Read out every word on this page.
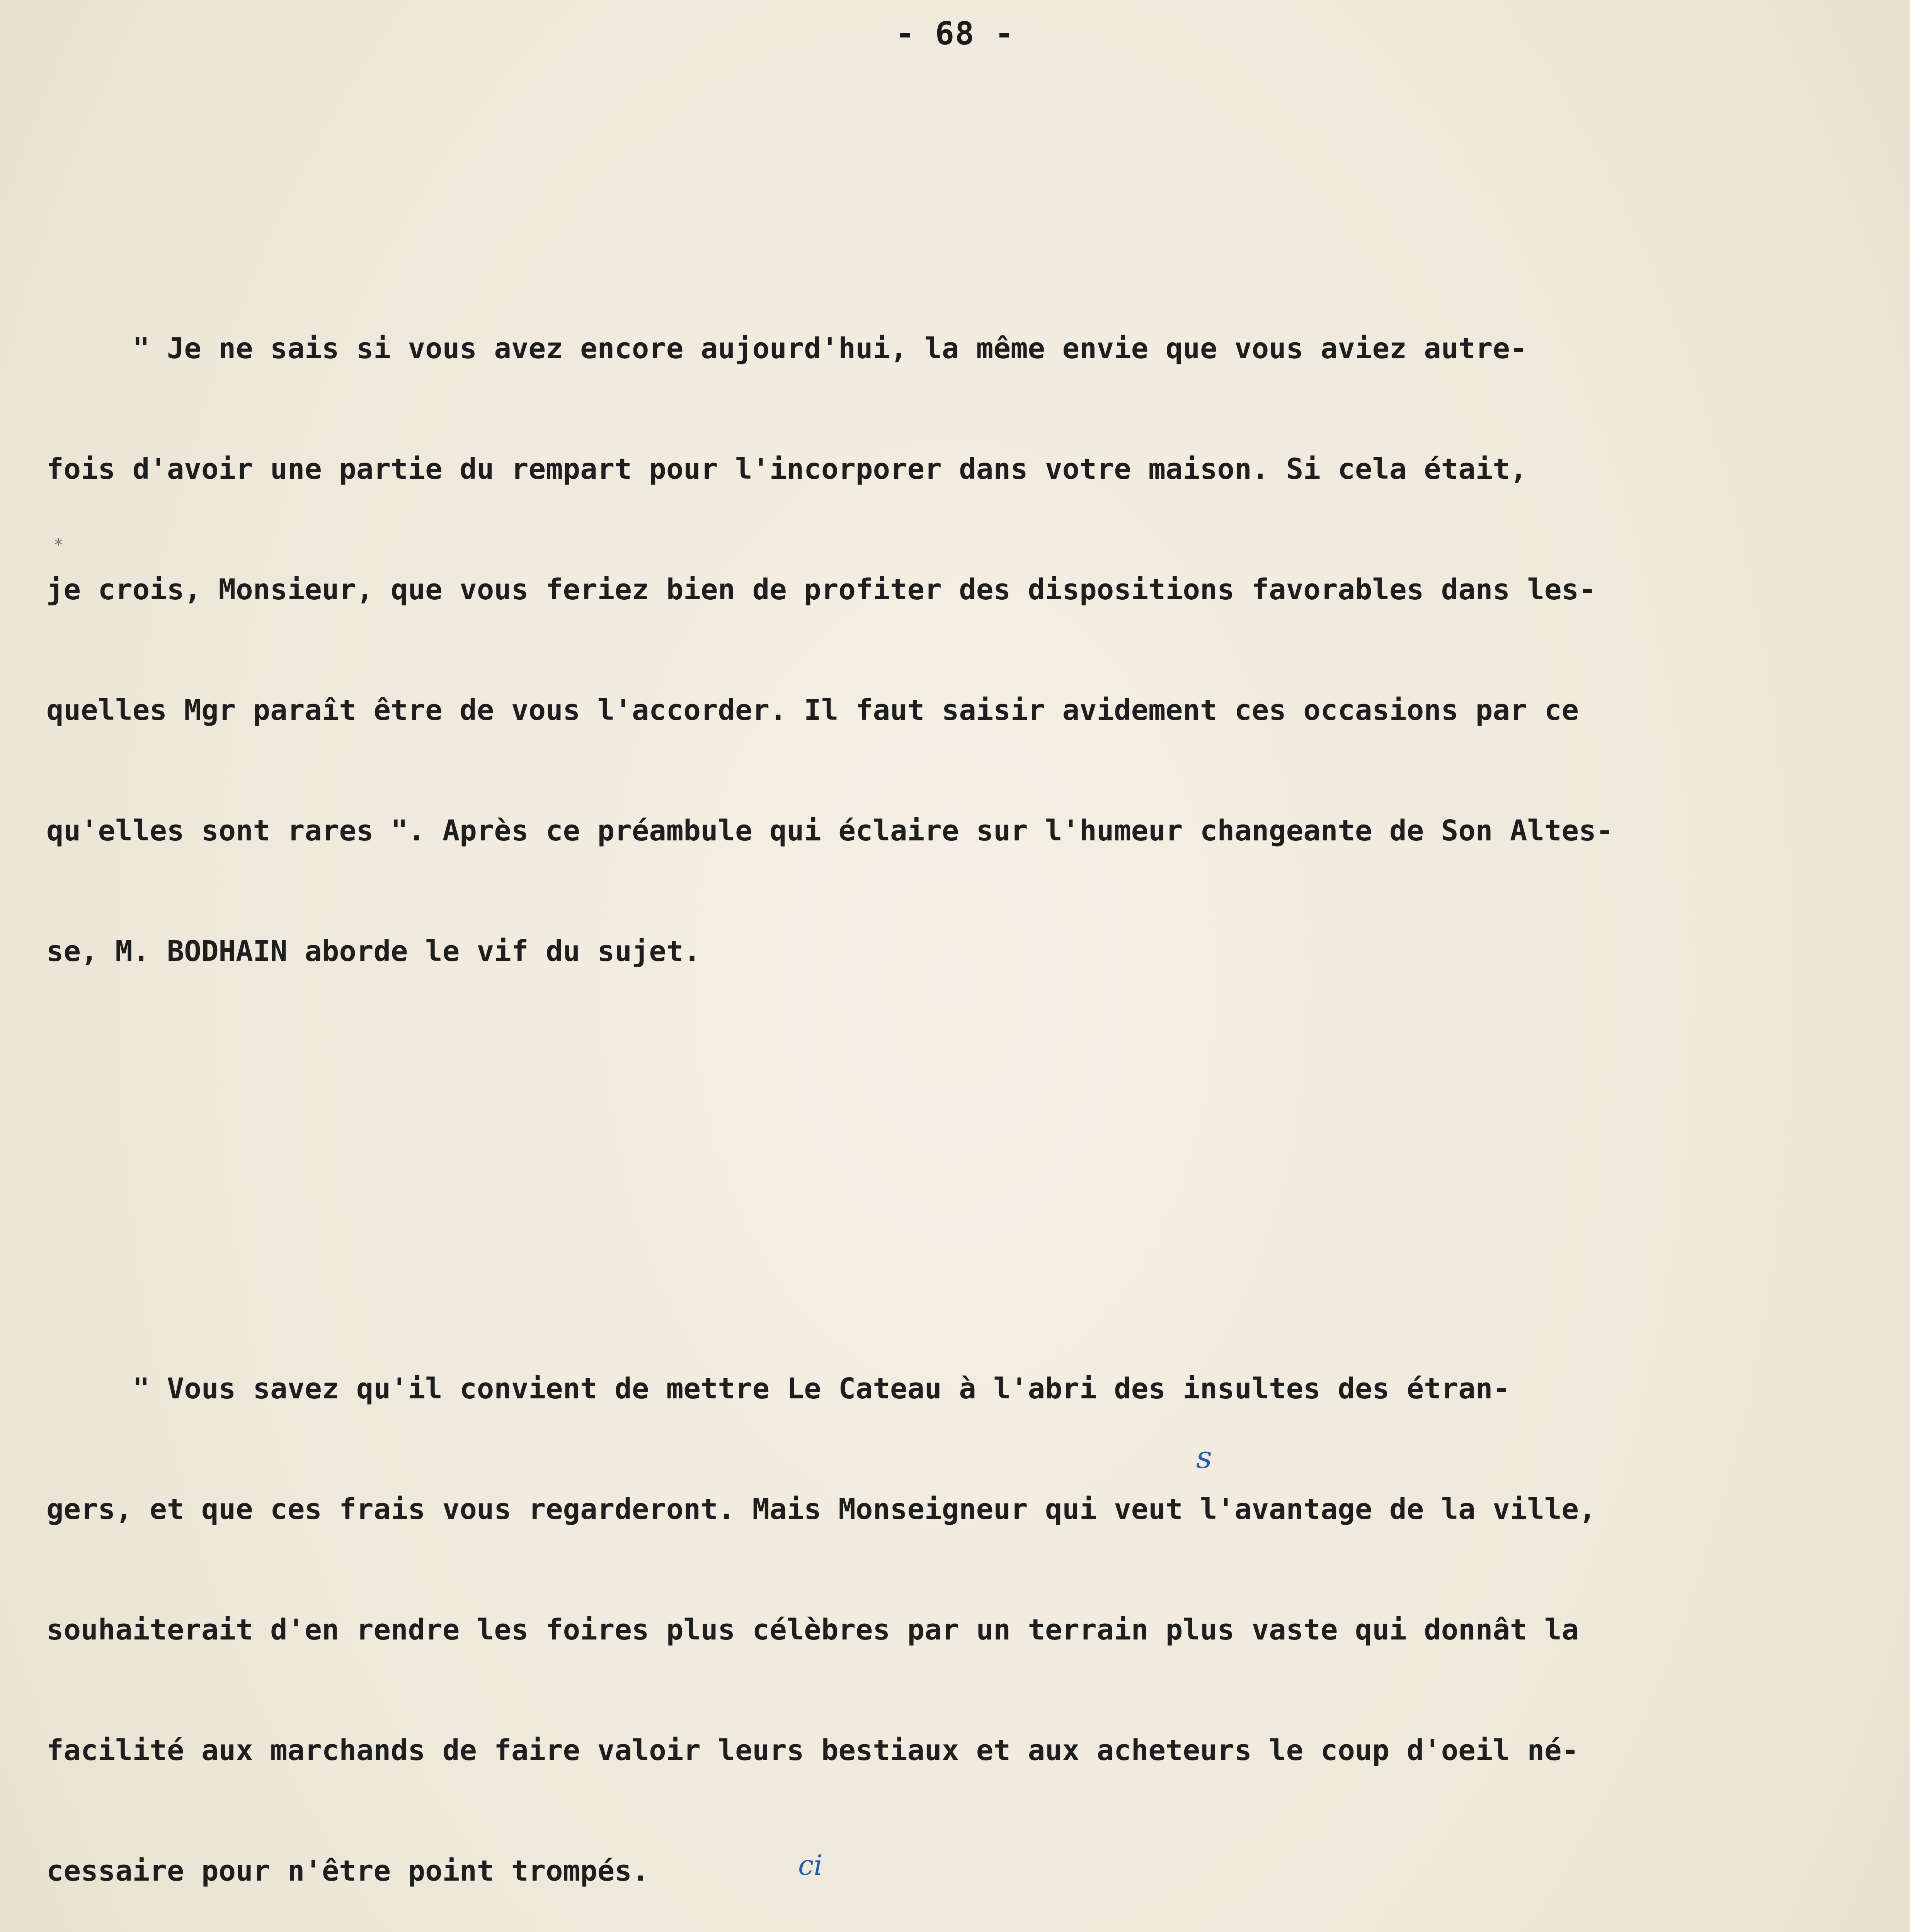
- 68 -
*

" Je ne sais si vous avez encore aujourd'hui, la même envie que vous aviez autre-

fois d'avoir une partie du rempart pour l'incorporer dans votre maison. Si cela était,

je crois, Monsieur, que vous feriez bien de profiter des dispositions favorables dans les-

quelles Mgr paraît être de vous l'accorder. Il faut saisir avidement ces occasions par ce

qu'elles sont rares ". Après ce préambule qui éclaire sur l'humeur changeante de Son Altes-

se, M. BODHAIN aborde le vif du sujet.

" Vous savez qu'il convient de mettre Le Cateau à l'abri des insultes des étran-

gers, et que ces frais vous regarderont. Mais Monseigneur qui veut l'avantage de la ville,

souhaiterait d'en rendre les foires plus célèbres par un terrain plus vaste qui donnât la

facilité aux marchands de faire valoir leurs bestiaux et aux acheteurs le coup d'oeil né-

cessaire pour n'être point trompés.

s
ci
